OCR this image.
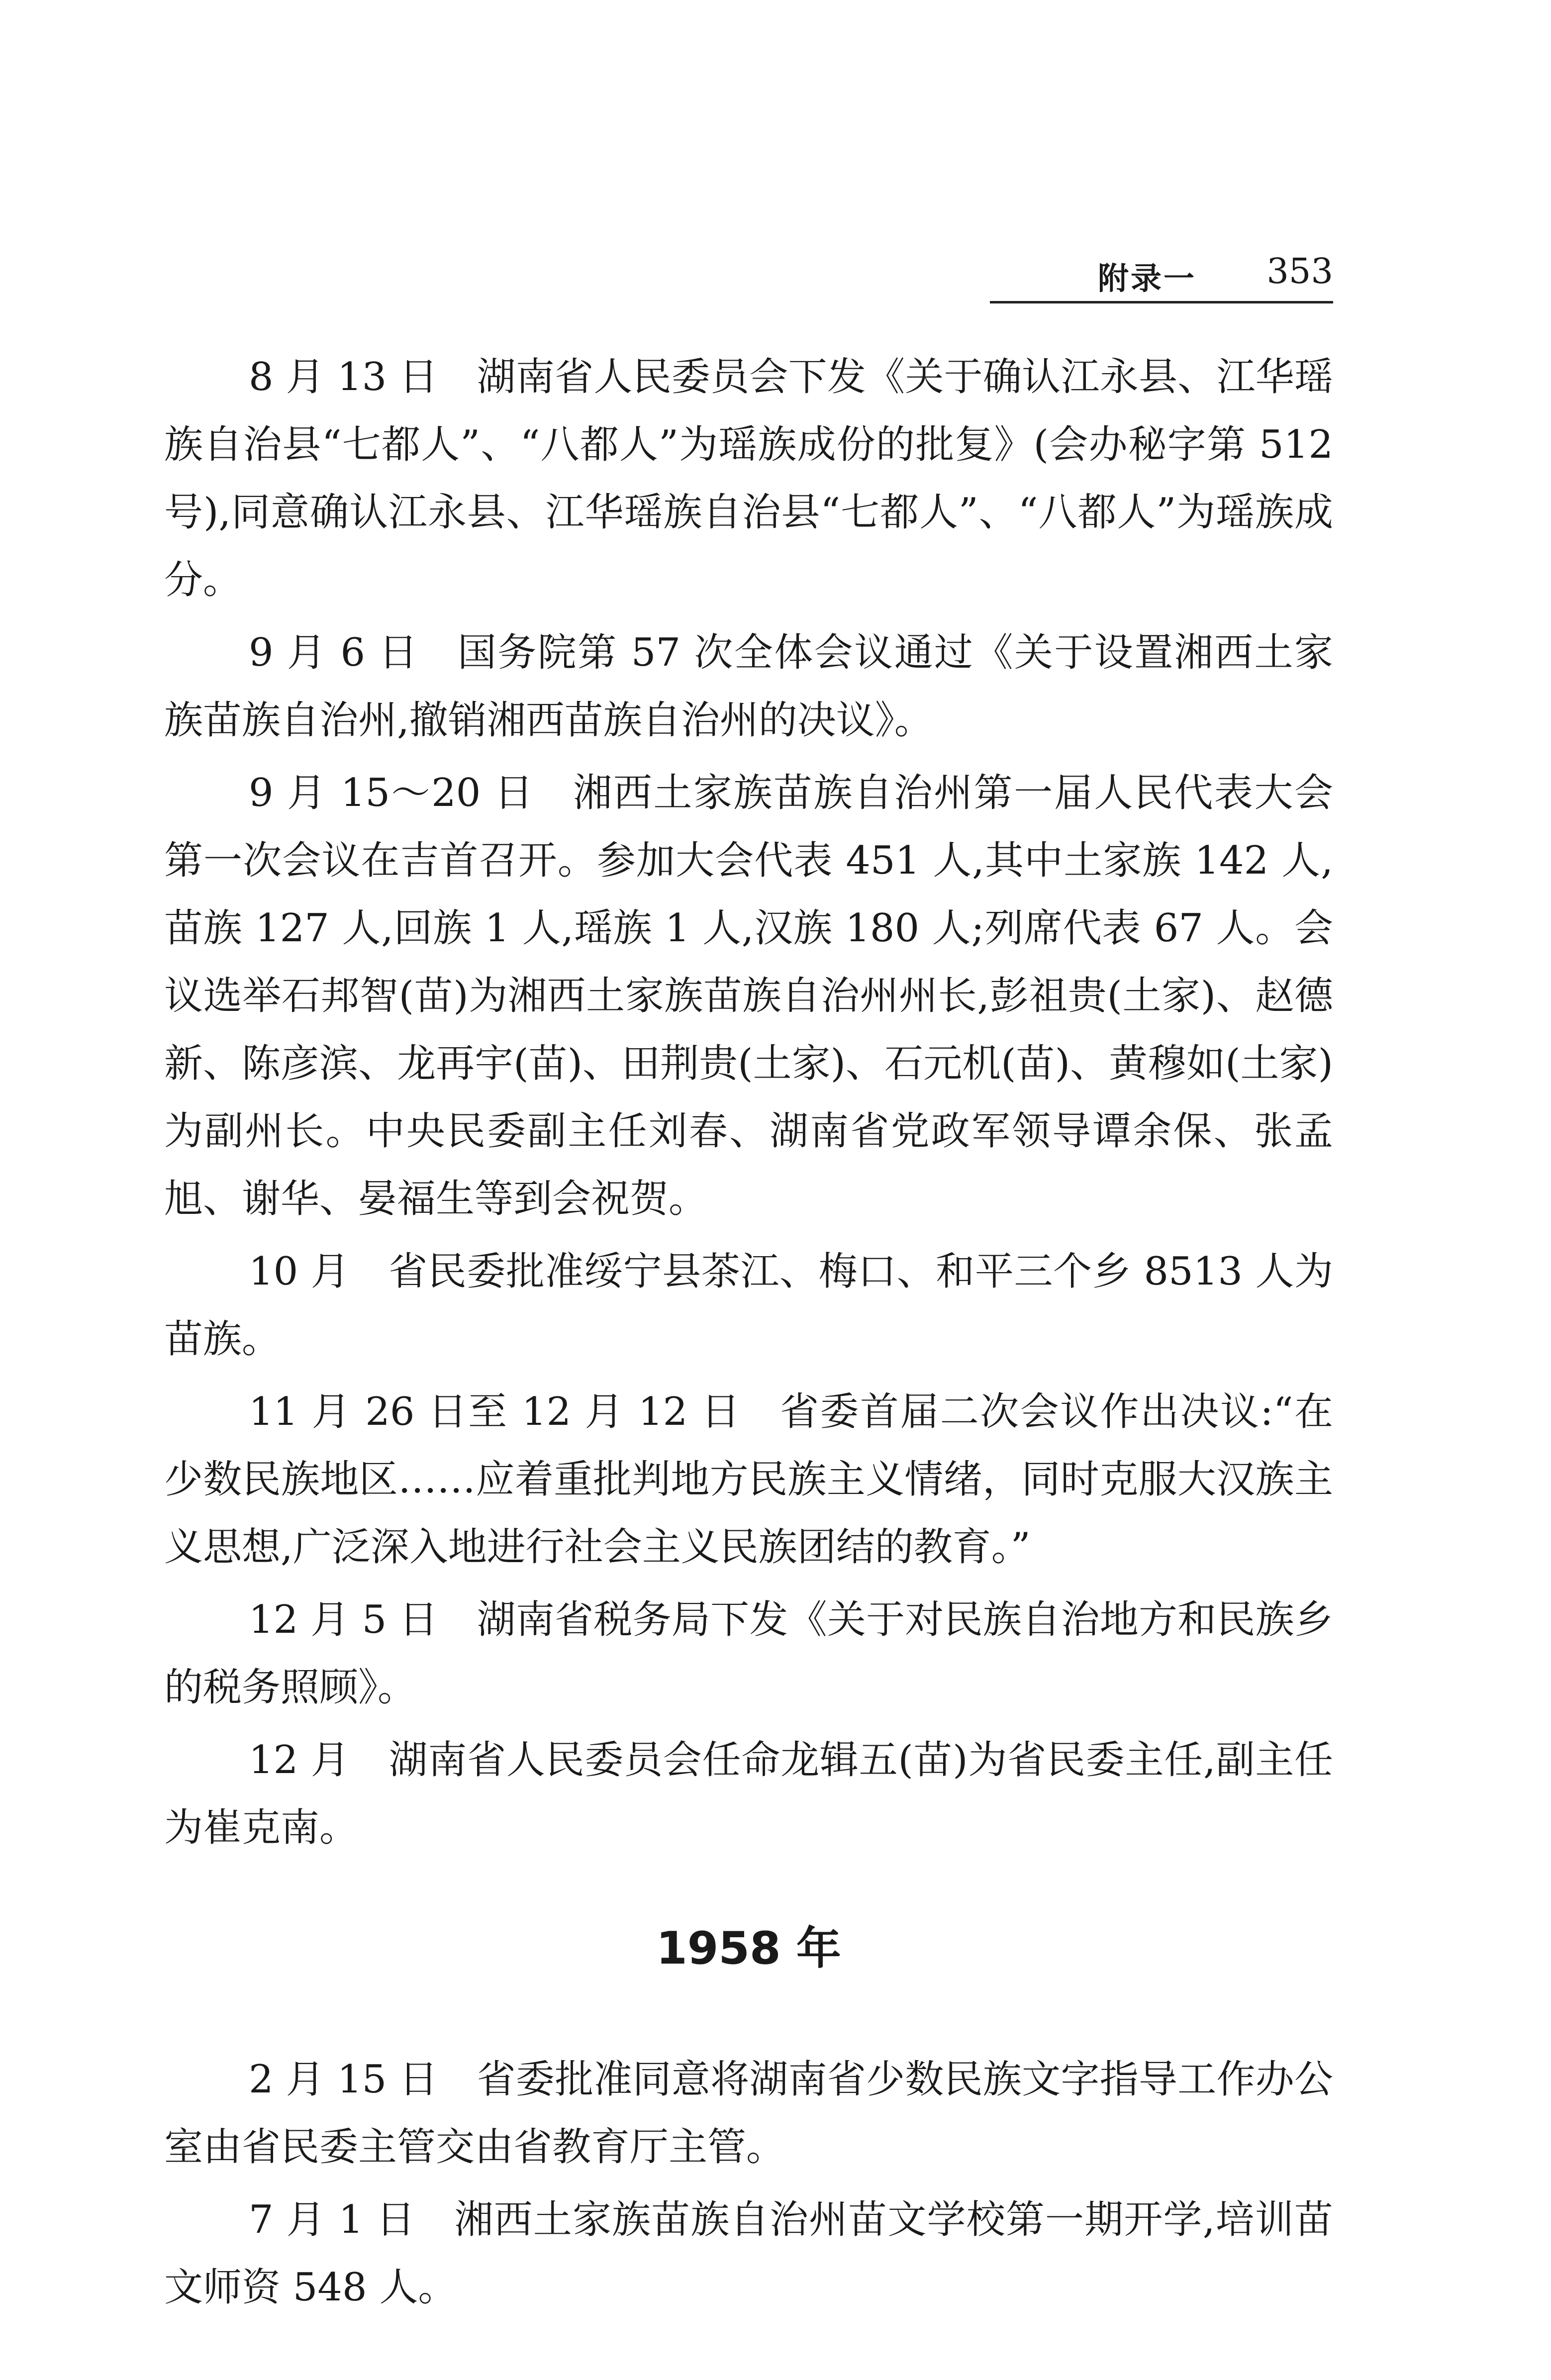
附录一 353

8 月 13 日 湖南省人民委员会下发《关于确认江永县、江华瑶族自治县“七都人”、“八都人”为瑶族成份的批复》(会办秘字第 512 号),同意确认江永县、江华瑶族自治县“七都人”、“八都人”为瑶族成分。

9 月 6 日 国务院第 57 次全体会议通过《关于设置湘西土家族苗族自治州,撤销湘西苗族自治州的决议》。

9 月 15～20 日 湘西土家族苗族自治州第一届人民代表大会第一次会议在吉首召开。参加大会代表 451 人,其中土家族 142 人,苗族 127 人,回族 1 人,瑶族 1 人,汉族 180 人;列席代表 67 人。会议选举石邦智(苗)为湘西土家族苗族自治州州长,彭祖贵(土家)、赵德新、陈彦滨、龙再宇(苗)、田荆贵(土家)、石元机(苗)、黄穆如(土家)为副州长。中央民委副主任刘春、湖南省党政军领导谭余保、张孟旭、谢华、晏福生等到会祝贺。

10 月 省民委批准绥宁县茶江、梅口、和平三个乡 8513 人为苗族。

11 月 26 日至 12 月 12 日 省委首届二次会议作出决议:“在少数民族地区……应着重批判地方民族主义情绪，同时克服大汉族主义思想,广泛深入地进行社会主义民族团结的教育。”

12 月 5 日 湖南省税务局下发《关于对民族自治地方和民族乡的税务照顾》。

12 月 湖南省人民委员会任命龙辑五(苗)为省民委主任,副主任为崔克南。

1958 年

2 月 15 日 省委批准同意将湖南省少数民族文字指导工作办公室由省民委主管交由省教育厅主管。

7 月 1 日 湘西土家族苗族自治州苗文学校第一期开学,培训苗文师资 548 人。
